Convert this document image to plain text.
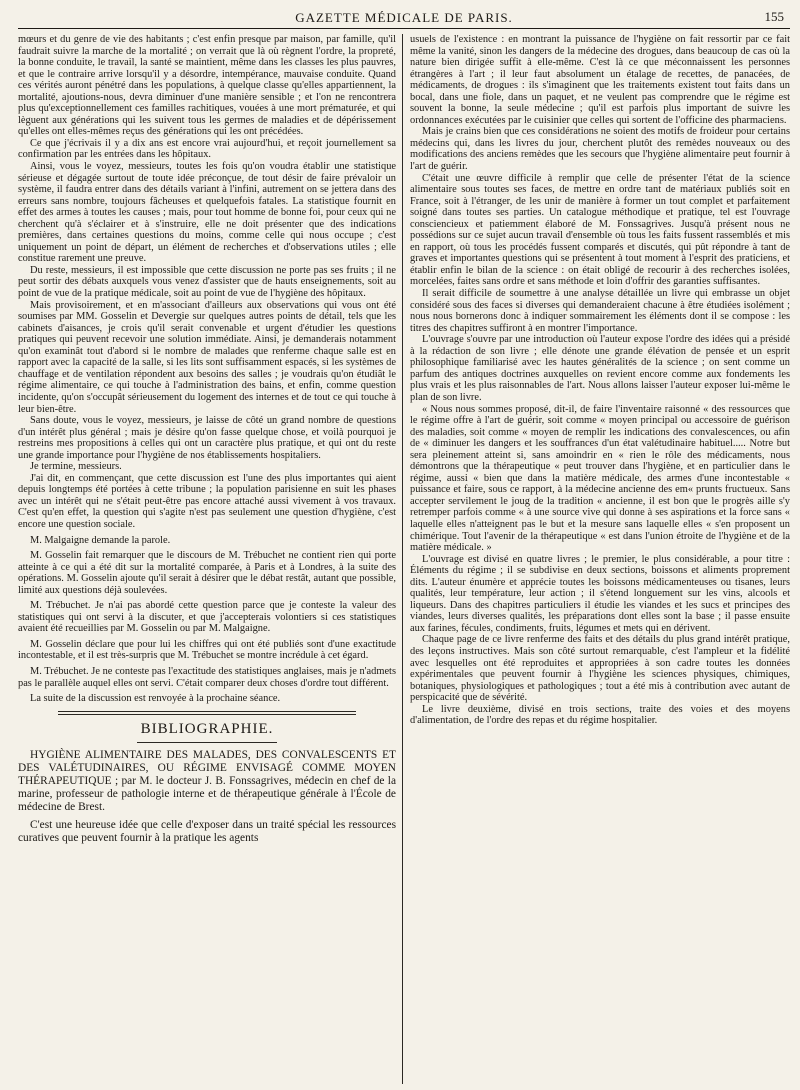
GAZETTE MÉDICALE DE PARIS.	155

mœurs et du genre de vie des habitants ; c'est enfin presque par maison, par famille, qu'il faudrait suivre la marche de la mortalité ; on verrait que là où règnent l'ordre, la propreté, la bonne conduite, le travail, la santé se maintient, même dans les classes les plus pauvres, et que le contraire arrive lorsqu'il y a désordre, intempérance, mauvaise conduite. Quand ces vérités auront pénétré dans les populations, à quelque classe qu'elles appartiennent, la mortalité, ajoutions-nous, devra diminuer d'une manière sensible ; et l'on ne rencontrera plus qu'exceptionnellement ces familles rachitiques, vouées à une mort prématurée, et qui lèguent aux générations qui les suivent tous les germes de maladies et de dépérissement qu'elles ont elles-mêmes reçus des générations qui les ont précédées.

Ce que j'écrivais il y a dix ans est encore vrai aujourd'hui, et reçoit journellement sa confirmation par les entrées dans les hôpitaux.

Ainsi, vous le voyez, messieurs, toutes les fois qu'on voudra établir une statistique sérieuse et dégagée surtout de toute idée préconçue, de tout désir de faire prévaloir un système, il faudra entrer dans des détails variant à l'infini, autrement on se jettera dans des erreurs sans nombre, toujours fâcheuses et quelquefois fatales. La statistique fournit en effet des armes à toutes les causes ; mais, pour tout homme de bonne foi, pour ceux qui ne cherchent qu'à s'éclairer et à s'instruire, elle ne doit présenter que des indications premières, dans certaines questions du moins, comme celle qui nous occupe ; c'est uniquement un point de départ, un élément de recherches et d'observations utiles ; elle constitue rarement une preuve.

Du reste, messieurs, il est impossible que cette discussion ne porte pas ses fruits ; il ne peut sortir des débats auxquels vous venez d'assister que de hauts enseignements, soit au point de vue de la pratique médicale, soit au point de vue de l'hygiène des hôpitaux.

Mais provisoirement, et en m'associant d'ailleurs aux observations qui vous ont été soumises par MM. Gosselin et Devergie sur quelques autres points de détail, tels que les cabinets d'aisances, je crois qu'il serait convenable et urgent d'étudier les questions pratiques qui peuvent recevoir une solution immédiate. Ainsi, je demanderais notamment qu'on examinât tout d'abord si le nombre de malades que renferme chaque salle est en rapport avec la capacité de la salle, si les lits sont suffisamment espacés, si les systèmes de chauffage et de ventilation répondent aux besoins des salles ; je voudrais qu'on étudiât le régime alimentaire, ce qui touche à l'administration des bains, et enfin, comme question incidente, qu'on s'occupât sérieusement du logement des internes et de tout ce qui touche à leur bien-être.

Sans doute, vous le voyez, messieurs, je laisse de côté un grand nombre de questions d'un intérêt plus général ; mais je désire qu'on fasse quelque chose, et voilà pourquoi je restreins mes propositions à celles qui ont un caractère plus pratique, et qui ont du reste une grande importance pour l'hygiène de nos établissements hospitaliers.

Je termine, messieurs.

J'ai dit, en commençant, que cette discussion est l'une des plus importantes qui aient depuis longtemps été portées à cette tribune ; la population parisienne en suit les phases avec un intérêt qui ne s'était peut-être pas encore attaché aussi vivement à vos travaux. C'est qu'en effet, la question qui s'agite n'est pas seulement une question d'hygiène, c'est encore une question sociale.

M. Malgaigne demande la parole.

M. Gosselin fait remarquer que le discours de M. Trébuchet ne contient rien qui porte atteinte à ce qui a été dit sur la mortalité comparée, à Paris et à Londres, à la suite des opérations. M. Gosselin ajoute qu'il serait à désirer que le débat restât, autant que possible, limité aux questions déjà soulevées.

M. Trébuchet. Je n'ai pas abordé cette question parce que je conteste la valeur des statistiques qui ont servi à la discuter, et que j'accepterais volontiers si ces statistiques avaient été recueillies par M. Gosselin ou par M. Malgaigne.

M. Gosselin déclare que pour lui les chiffres qui ont été publiés sont d'une exactitude incontestable, et il est très-surpris que M. Trébuchet se montre incrédule à cet égard.

M. Trébuchet. Je ne conteste pas l'exactitude des statistiques anglaises, mais je n'admets pas le parallèle auquel elles ont servi. C'était comparer deux choses d'ordre tout différent.

La suite de la discussion est renvoyée à la prochaine séance.

BIBLIOGRAPHIE.

HYGIÈNE ALIMENTAIRE DES MALADES, DES CONVALESCENTS ET DES VALÉTUDINAIRES, OU RÉGIME ENVISAGÉ COMME MOYEN THÉRAPEUTIQUE ; par M. le docteur J. B. Fonssagrives, médecin en chef de la marine, professeur de pathologie interne et de thérapeutique générale à l'École de médecine de Brest.

C'est une heureuse idée que celle d'exposer dans un traité spécial les ressources curatives que peuvent fournir à la pratique les agents

usuels de l'existence : en montrant la puissance de l'hygiène on fait ressortir par ce fait même la vanité, sinon les dangers de la médecine des drogues, dans beaucoup de cas où la nature bien dirigée suffit à elle-même. C'est là ce que méconnaissent les personnes étrangères à l'art ; il leur faut absolument un étalage de recettes, de panacées, de médicaments, de drogues : ils s'imaginent que les traitements existent tout faits dans un bocal, dans une fiole, dans un paquet, et ne veulent pas comprendre que le régime est souvent la bonne, la seule médecine ; qu'il est parfois plus important de suivre les ordonnances exécutées par le cuisinier que celles qui sortent de l'officine des pharmaciens.

Mais je crains bien que ces considérations ne soient des motifs de froideur pour certains médecins qui, dans les livres du jour, cherchent plutôt des remèdes nouveaux ou des modifications des anciens remèdes que les secours que l'hygiène alimentaire peut fournir à l'art de guérir.

C'était une œuvre difficile à remplir que celle de présenter l'état de la science alimentaire sous toutes ses faces, de mettre en ordre tant de matériaux publiés soit en France, soit à l'étranger, de les unir de manière à former un tout complet et parfaitement soigné dans toutes ses parties. Un catalogue méthodique et pratique, tel est l'ouvrage consciencieux et patiemment élaboré de M. Fonssagrives. Jusqu'à présent nous ne possédions sur ce sujet aucun travail d'ensemble où tous les faits fussent rassemblés et mis en rapport, où tous les procédés fussent comparés et discutés, qui pût répondre à tant de graves et importantes questions qui se présentent à tout moment à l'esprit des praticiens, et établir enfin le bilan de la science : on était obligé de recourir à des recherches isolées, morcelées, faites sans ordre et sans méthode et loin d'offrir des garanties suffisantes.

Il serait difficile de soumettre à une analyse détaillée un livre qui embrasse un objet considéré sous des faces si diverses qui demanderaient chacune à être étudiées isolément ; nous nous bornerons donc à indiquer sommairement les éléments dont il se compose : les titres des chapitres suffiront à en montrer l'importance.

L'ouvrage s'ouvre par une introduction où l'auteur expose l'ordre des idées qui a présidé à la rédaction de son livre ; elle dénote une grande élévation de pensée et un esprit philosophique familiarisé avec les hautes généralités de la science ; on sent comme un parfum des antiques doctrines auxquelles on revient encore comme aux fondements les plus vrais et les plus raisonnables de l'art. Nous allons laisser l'auteur exposer lui-même le plan de son livre.

« Nous nous sommes proposé, dit-il, de faire l'inventaire raisonné « des ressources que le régime offre à l'art de guérir, soit comme « moyen principal ou accessoire de guérison des maladies, soit comme « moyen de remplir les indications des convalescences, ou afin de « diminuer les dangers et les souffrances d'un état valétudinaire habituel..... Notre but sera pleinement atteint si, sans amoindrir en « rien le rôle des médicaments, nous démontrons que la thérapeutique « peut trouver dans l'hygiène, et en particulier dans le régime, aussi « bien que dans la matière médicale, des armes d'une incontestable « puissance et faire, sous ce rapport, à la médecine ancienne des em« prunts fructueux. Sans accepter servilement le joug de la tradition « ancienne, il est bon que le progrès aille s'y retremper parfois comme « à une source vive qui donne à ses aspirations et la force sans « laquelle elles n'atteignent pas le but et la mesure sans laquelle elles « s'en proposent un chimérique. Tout l'avenir de la thérapeutique « est dans l'union étroite de l'hygiène et de la matière médicale. »

L'ouvrage est divisé en quatre livres ; le premier, le plus considérable, a pour titre : Éléments du régime ; il se subdivise en deux sections, boissons et aliments proprement dits. L'auteur énumère et apprécie toutes les boissons médicamenteuses ou tisanes, leurs qualités, leur température, leur action ; il s'étend longuement sur les vins, alcools et liqueurs. Dans des chapitres particuliers il étudie les viandes et les sucs et principes des viandes, leurs diverses qualités, les préparations dont elles sont la base ; il passe ensuite aux farines, fécules, condiments, fruits, légumes et mets qui en dérivent.

Chaque page de ce livre renferme des faits et des détails du plus grand intérêt pratique, des leçons instructives. Mais son côté surtout remarquable, c'est l'ampleur et la fidélité avec lesquelles ont été reproduites et appropriées à son cadre toutes les données expérimentales que peuvent fournir à l'hygiène les sciences physiques, chimiques, botaniques, physiologiques et pathologiques ; tout a été mis à contribution avec autant de perspicacité que de sévérité.

Le livre deuxième, divisé en trois sections, traite des voies et des moyens d'alimentation, de l'ordre des repas et du régime hospitalier.
